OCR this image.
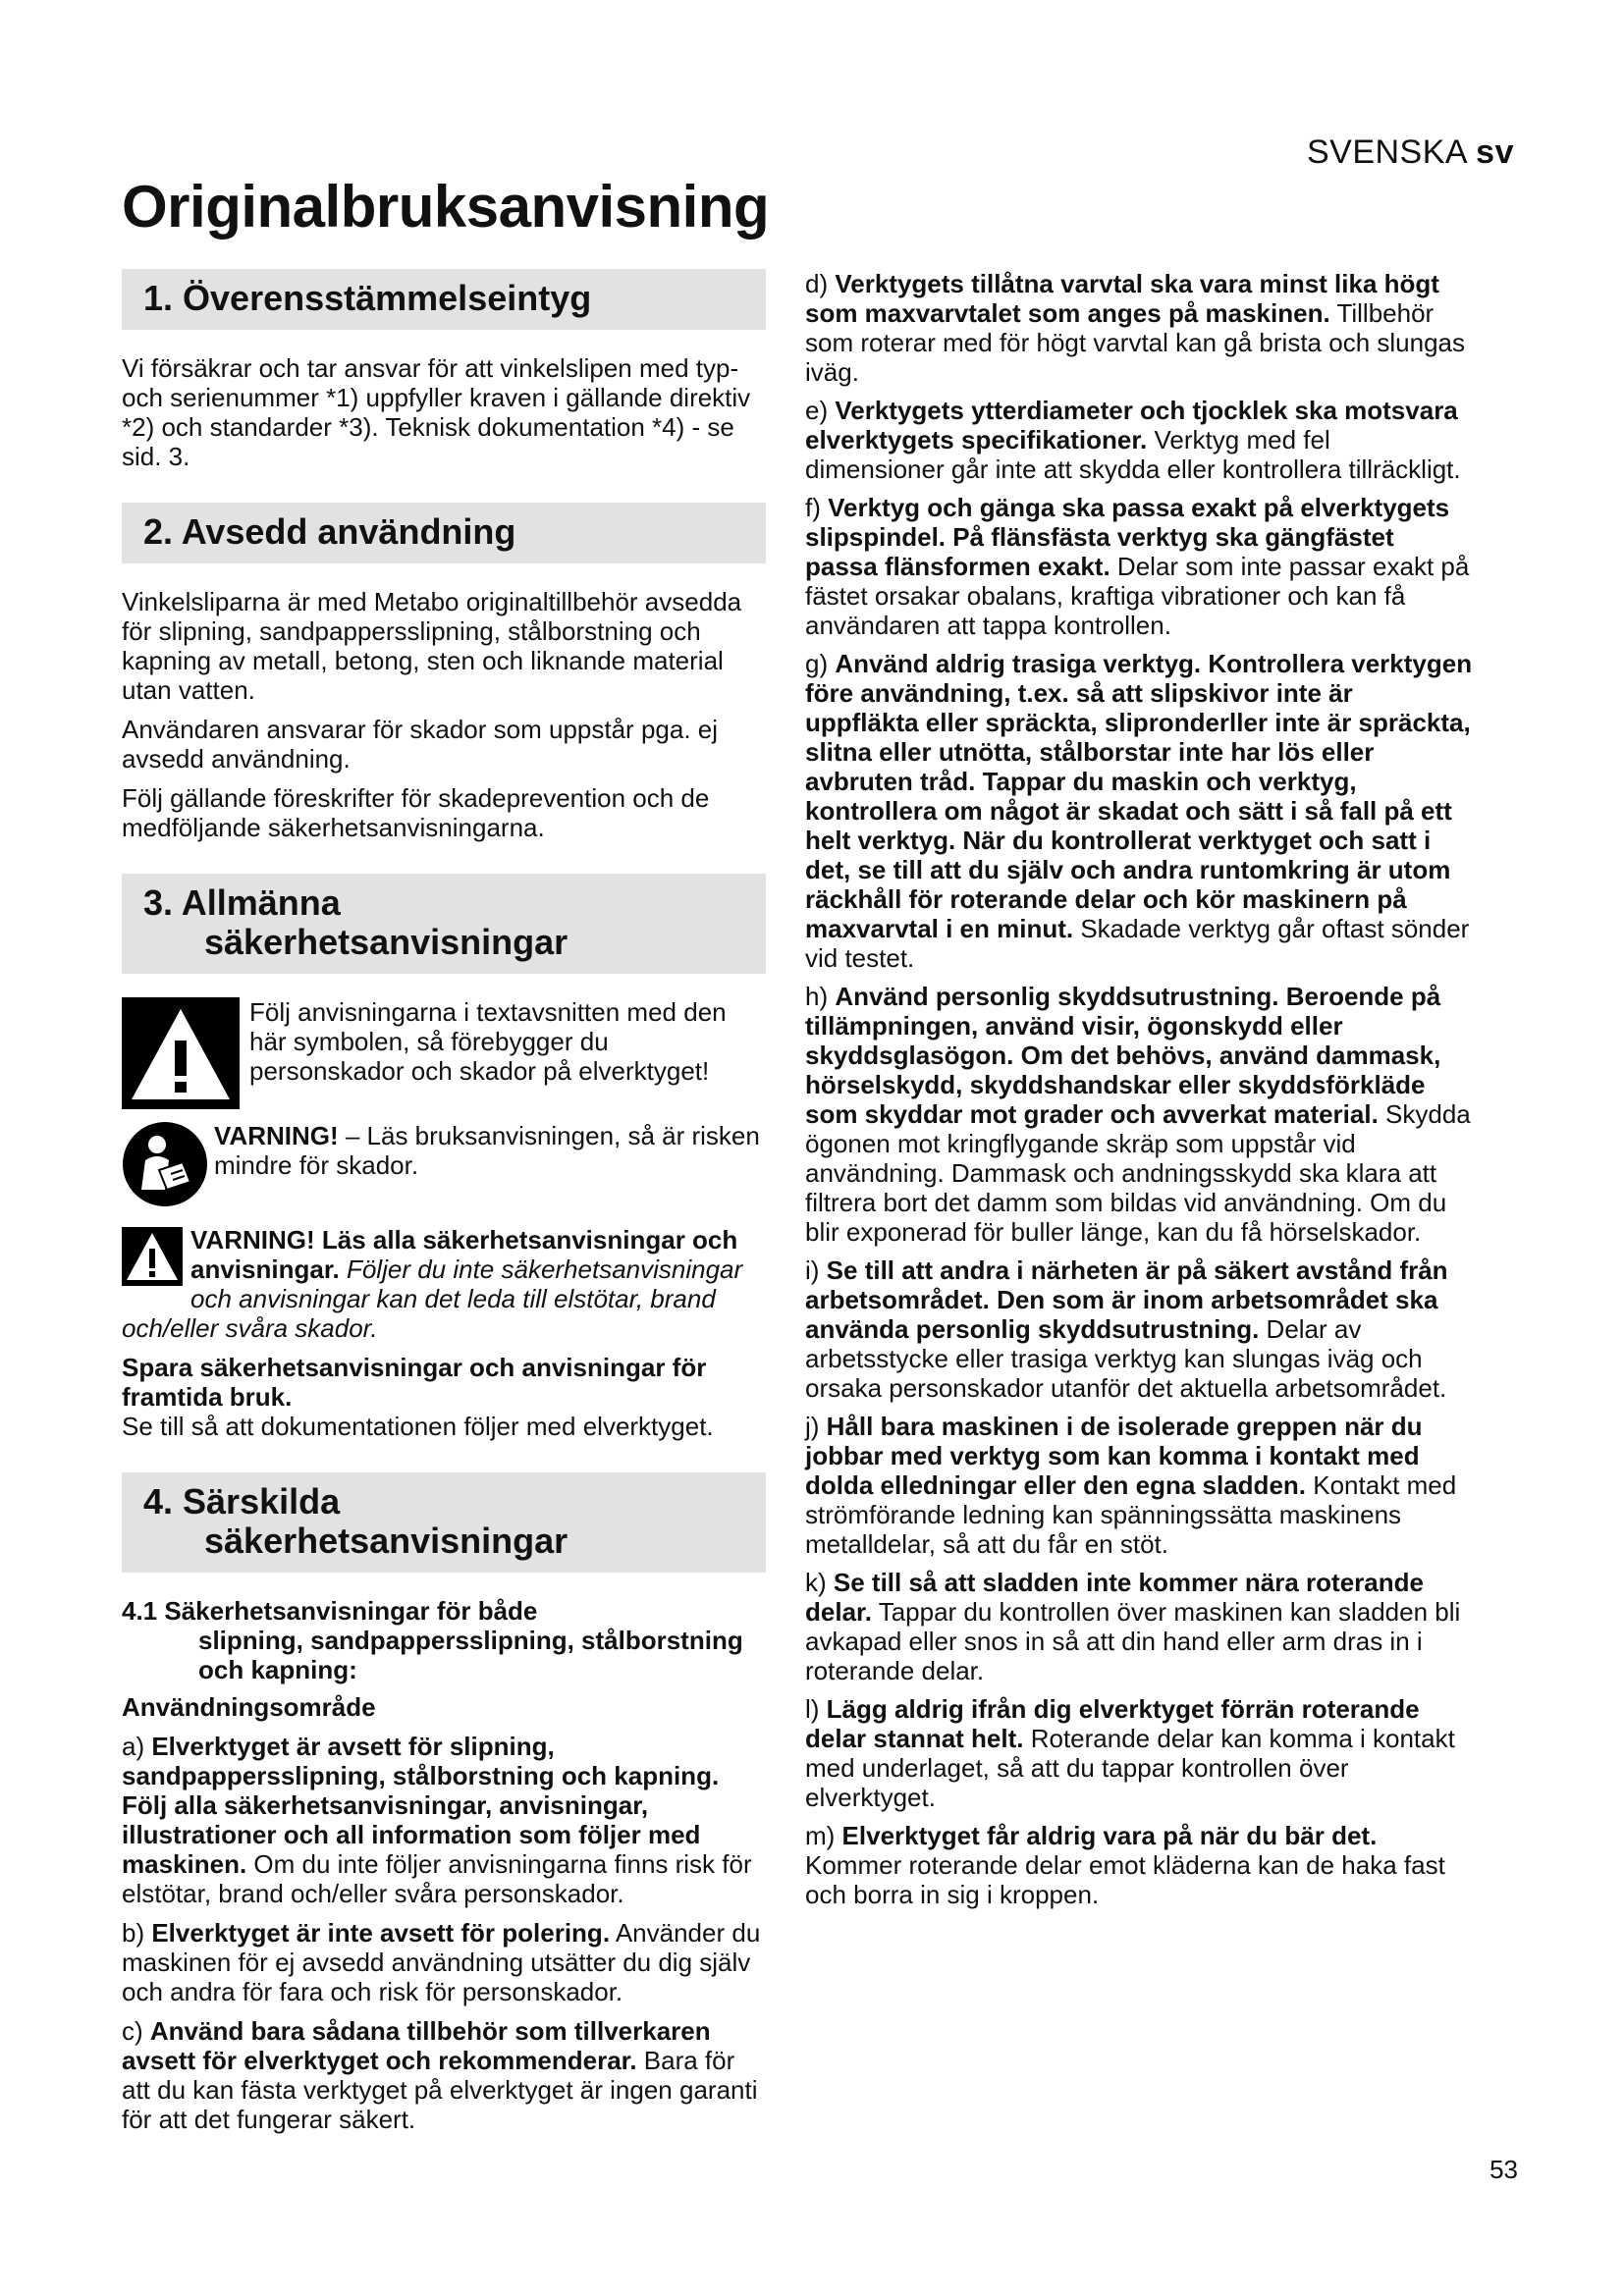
SVENSKA sv
Originalbruksanvisning
1. Överensstämmelseintyg

Vi försäkrar och tar ansvar för att vinkelslipen med typ- och serienummer *1) uppfyller kraven i gällande direktiv *2) och standarder *3). Teknisk dokumentation *4) - se sid. 3.

2. Avsedd användning

Vinkelsliparna är med Metabo originaltillbehör avsedda för slipning, sandpappersslipning, stålborstning och kapning av metall, betong, sten och liknande material utan vatten.

Användaren ansvarar för skador som uppstår pga. ej avsedd användning.

Följ gällande föreskrifter för skadeprevention och de medföljande säkerhetsanvisningarna.

3. Allmänna
säkerhetsanvisningar

Följ anvisningarna i textavsnitten med den här symbolen, så förebygger du personskador och skador på elverktyget!

VARNING! – Läs bruksanvisningen, så är risken mindre för skador.

VARNING! Läs alla säkerhetsanvisningar och anvisningar. Följer du inte säkerhetsanvisningar och anvisningar kan det leda till elstötar, brand och/eller svåra skador.

Spara säkerhetsanvisningar och anvisningar för framtida bruk.

Se till så att dokumentationen följer med elverktyget.

4. Särskilda
säkerhetsanvisningar
4.1 Säkerhetsanvisningar för både
slipning, sandpappersslipning, stålborstning och kapning:

Användningsområde

a) Elverktyget är avsett för slipning, sandpappersslipning, stålborstning och kapning. Följ alla säkerhetsanvisningar, anvisningar, illustrationer och all information som följer med maskinen. Om du inte följer anvisningarna finns risk för elstötar, brand och/eller svåra personskador.

b) Elverktyget är inte avsett för polering. Använder du maskinen för ej avsedd användning utsätter du dig själv och andra för fara och risk för personskador.

c) Använd bara sådana tillbehör som tillverkaren avsett för elverktyget och rekommenderar. Bara för att du kan fästa verktyget på elverktyget är ingen garanti för att det fungerar säkert.

d) Verktygets tillåtna varvtal ska vara minst lika högt som maxvarvtalet som anges på maskinen. Tillbehör som roterar med för högt varvtal kan gå brista och slungas iväg.

e) Verktygets ytterdiameter och tjocklek ska motsvara elverktygets specifikationer. Verktyg med fel dimensioner går inte att skydda eller kontrollera tillräckligt.

f) Verktyg och gänga ska passa exakt på elverktygets slipspindel. På flänsfästa verktyg ska gängfästet passa flänsformen exakt. Delar som inte passar exakt på fästet orsakar obalans, kraftiga vibrationer och kan få användaren att tappa kontrollen.

g) Använd aldrig trasiga verktyg. Kontrollera verktygen före användning, t.ex. så att slipskivor inte är uppfläkta eller spräckta, slipronderller inte är spräckta, slitna eller utnötta, stålborstar inte har lös eller avbruten tråd. Tappar du maskin och verktyg, kontrollera om något är skadat och sätt i så fall på ett helt verktyg. När du kontrollerat verktyget och satt i det, se till att du själv och andra runtomkring är utom räckhåll för roterande delar och kör maskinern på maxvarvtal i en minut. Skadade verktyg går oftast sönder vid testet.

h) Använd personlig skyddsutrustning. Beroende på tillämpningen, använd visir, ögonskydd eller skyddsglasögon. Om det behövs, använd dammask, hörselskydd, skyddshandskar eller skyddsförkläde som skyddar mot grader och avverkat material. Skydda ögonen mot kringflygande skräp som uppstår vid användning. Dammask och andningsskydd ska klara att filtrera bort det damm som bildas vid användning. Om du blir exponerad för buller länge, kan du få hörselskador.

i) Se till att andra i närheten är på säkert avstånd från arbetsområdet. Den som är inom arbetsområdet ska använda personlig skyddsutrustning. Delar av arbetsstycke eller trasiga verktyg kan slungas iväg och orsaka personskador utanför det aktuella arbetsområdet.

j) Håll bara maskinen i de isolerade greppen när du jobbar med verktyg som kan komma i kontakt med dolda elledningar eller den egna sladden. Kontakt med strömförande ledning kan spänningssätta maskinens metalldelar, så att du får en stöt.

k) Se till så att sladden inte kommer nära roterande delar. Tappar du kontrollen över maskinen kan sladden bli avkapad eller snos in så att din hand eller arm dras in i roterande delar.

l) Lägg aldrig ifrån dig elverktyget förrän roterande delar stannat helt. Roterande delar kan komma i kontakt med underlaget, så att du tappar kontrollen över elverktyget.

m) Elverktyget får aldrig vara på när du bär det. Kommer roterande delar emot kläderna kan de haka fast och borra in sig i kroppen.

53
